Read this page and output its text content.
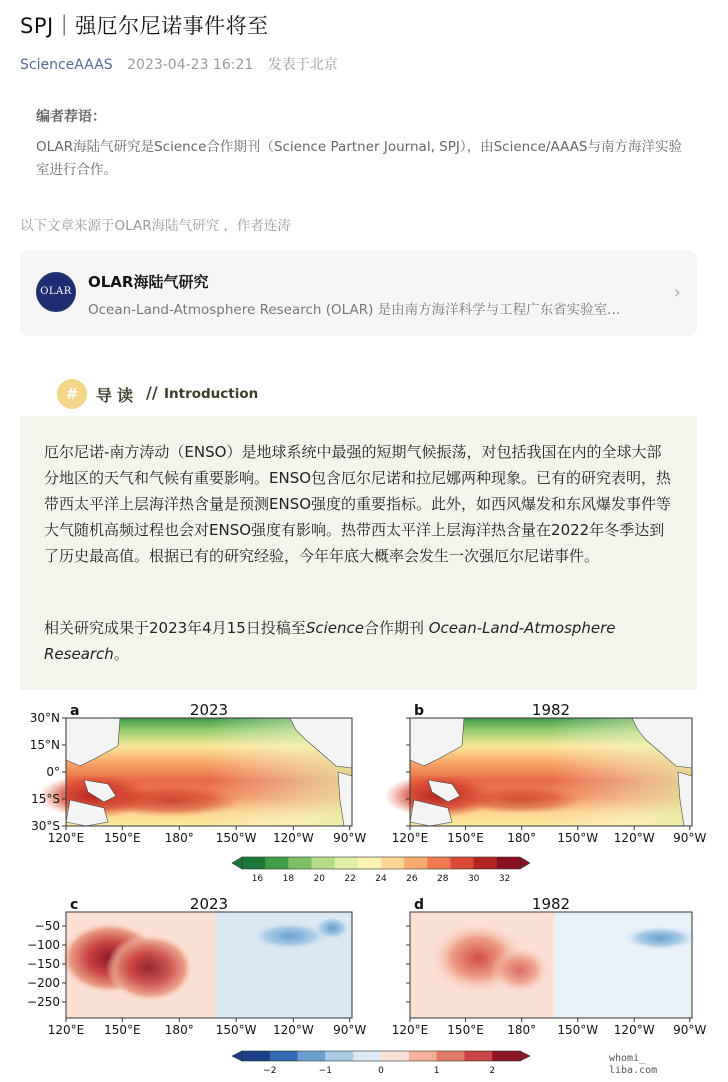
SPJ｜强厄尔尼诺事件将至
ScienceAAAS 2023-04-23 16:21 发表于北京
编者荐语：
OLAR海陆气研究是Science合作期刊（Science Partner Journal, SPJ），由Science/AAAS与南方海洋实验室进行合作。
以下文章来源于OLAR海陆气研究 ，作者连涛
OLAR
OLAR海陆气研究
Ocean-Land-Atmosphere Research (OLAR) 是由南方海洋科学与工程广东省实验室...
›
#	导读 // Introduction
厄尔尼诺-南方涛动（ENSO）是地球系统中最强的短期气候振荡，对包括我国在内的全球大部分地区的天气和气候有重要影响。ENSO包含厄尔尼诺和拉尼娜两种现象。已有的研究表明，热带西太平洋上层海洋热含量是预测ENSO强度的重要指标。此外，如西风爆发和东风爆发事件等大气随机高频过程也会对ENSO强度有影响。热带西太平洋上层海洋热含量在2022年冬季达到了历史最高值。根据已有的研究经验，今年年底大概率会发生一次强厄尔尼诺事件。
相关研究成果于2023年4月15日投稿至Science合作期刊 Ocean-Land-Atmosphere Research。
a	2023
120°E 150°E 180° 150°W 120°W 90°W
b	1982
120°E 150°E 180° 150°W 120°W 90°W
c	2023
120°E 150°E 180° 150°W 120°W 90°W
d	1982
120°E 150°E 180° 150°W 120°W 90°W
30°N
15°N
0°
15°S
30°S
−50
−100
−150
−200
−250
16 18 20 22 24 26 28 30 32
−2	−1	0	1	2
whomi_
liba.com
